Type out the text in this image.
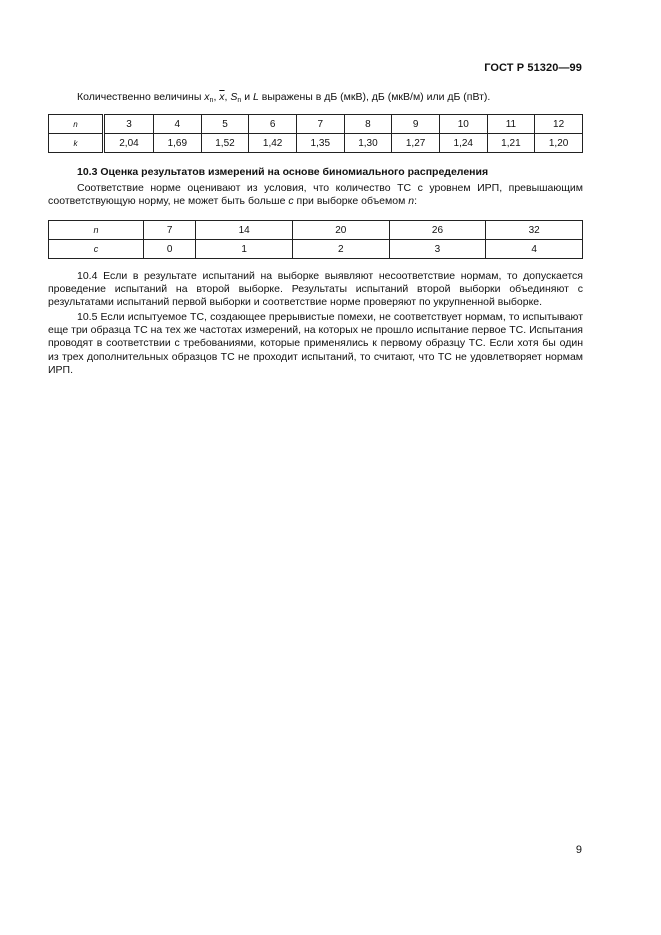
ГОСТ Р 51320—99
Количественно величины $x_n$, $\overline{x}$, $S_n$ и L выражены в дБ (мкВ), дБ (мкВ/м) или дБ (пВт).
n	3	4	5	6	7	8	9	10	11	12
k	2,04	1,69	1,52	1,42	1,35	1,30	1,27	1,24	1,21	1,20
10.3 Оценка результатов измерений на основе биномиального распределения
Соответствие норме оценивают из условия, что количество ТС с уровнем ИРП, превышающим соответствующую норму, не может быть больше c при выборке объемом n:
n	7	14	20	26	32
c	0	1	2	3	4
10.4 Если в результате испытаний на выборке выявляют несоответствие нормам, то допускается проведение испытаний на второй выборке. Результаты испытаний второй выборки объединяют с результатами испытаний первой выборки и соответствие норме проверяют по укрупненной выборке.
10.5 Если испытуемое ТС, создающее прерывистые помехи, не соответствует нормам, то испытывают еще три образца ТС на тех же частотах измерений, на которых не прошло испытание первое ТС. Испытания проводят в соответствии с требованиями, которые применялись к первому образцу ТС. Если хотя бы один из трех дополнительных образцов ТС не проходит испытаний, то считают, что ТС не удовлетворяет нормам ИРП.
9
